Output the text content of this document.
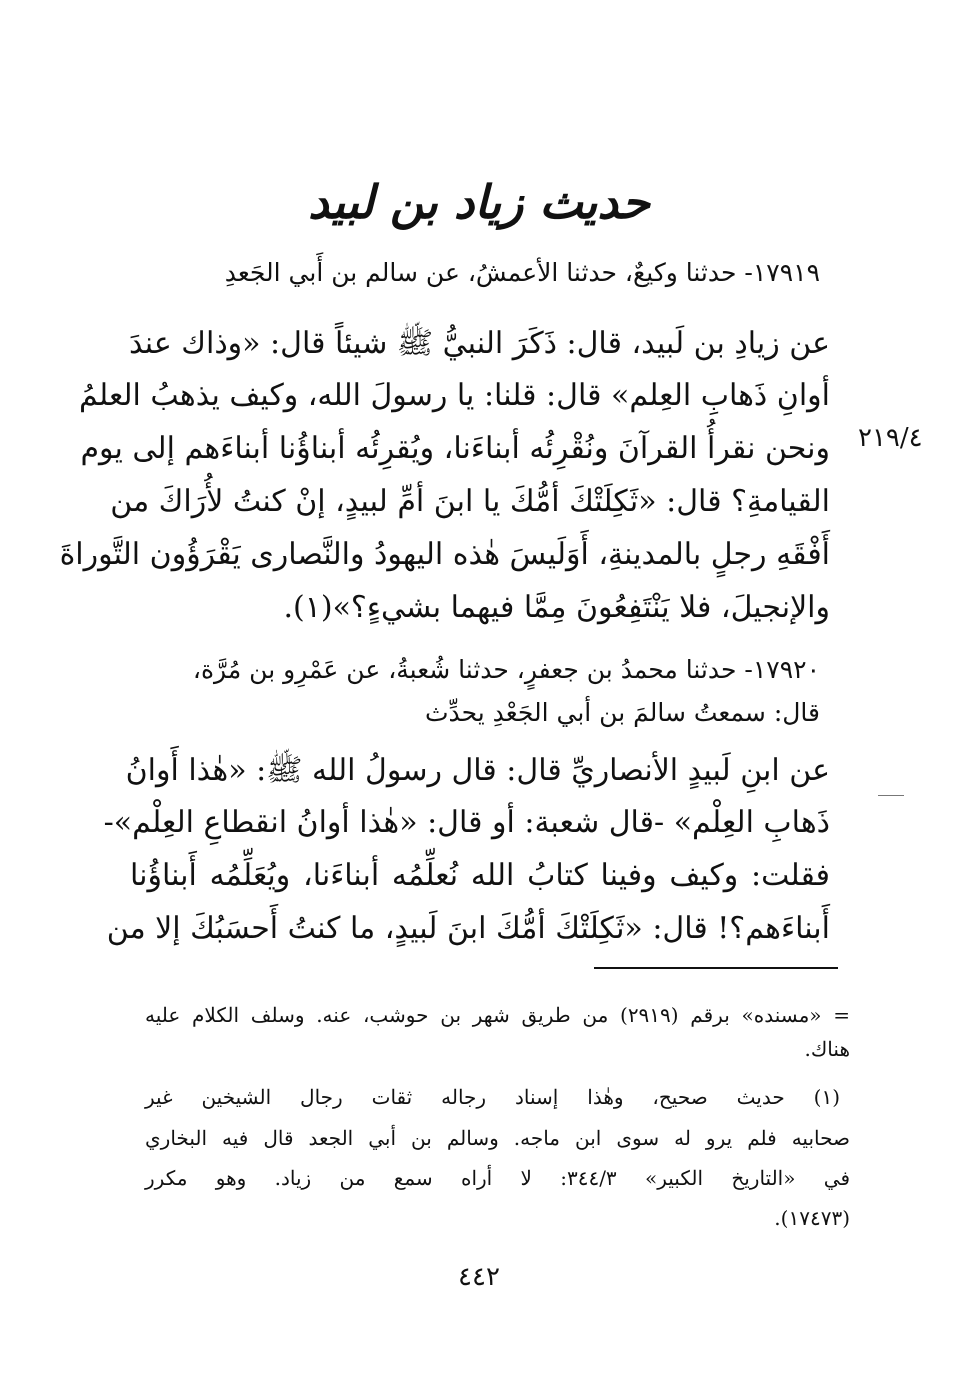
حديث زياد بن لبيد
١٧٩١٩- حدثنا وكيعٌ، حدثنا الأعمشُ، عن سالم بن أَبي الجَعدِ
عن زيادِ بن لَبيد، قال: ذَكَرَ النبيُّ ﷺ شيئاً قال: «وذاك عندَ
أوانِ ذَهابِ العِلم» قال: قلنا: يا رسولَ الله، وكيف يذهبُ العلمُ
ونحن نقرأُ القرآنَ ونُقْرِئُه أبناءَنا، ويُقرِئُه أبناؤُنا أبناءَهم إلى يوم
القيامةِ؟ قال: «ثَكِلَتْكَ أمُّكَ يا ابنَ أمِّ لبيدٍ، إنْ كنتُ لأُرَاكَ من
أَفْقَهِ رجلٍ بالمدينةِ، أَوَلَيسَ هٰذه اليهودُ والنَّصارى يَقْرَؤُون التَّوراةَ
والإنجيلَ، فلا يَنْتَفِعُونَ مِمَّا فيهما بشيءٍ؟»(١).
٢١٩/٤
١٧٩٢٠- حدثنا محمدُ بن جعفرٍ، حدثنا شُعبةُ، عن عَمْرِو بن مُرَّة،
قال: سمعتُ سالمَ بن أبي الجَعْدِ يحدِّث
عن ابنِ لَبيدٍ الأنصاريِّ قال: قال رسولُ الله ﷺ: «هٰذا أَوانُ
ذَهابِ العِلْم» -قال شعبة: أو قال: «هٰذا أوانُ انقطاعِ العِلْم»-
فقلت: وكيف وفينا كتابُ الله نُعلِّمُه أبناءَنا، ويُعَلِّمُه أَبناؤُنا
أَبناءَهم؟! قال: «ثَكِلَتْكَ أمُّكَ ابنَ لَبيدٍ، ما كنتُ أَحسَبُكَ إلا من
= «مسنده» برقم (٢٩١٩) من طريق شهر بن حوشب، عنه. وسلف الكلام عليه
هناك.
(١) حديث صحيح، وهٰذا إسناد رجاله ثقات رجال الشيخين غير
صحابيه فلم يرو له سوى ابن ماجه. وسالم بن أبي الجعد قال فيه البخاري
في «التاريخ الكبير» ٣٤٤/٣: لا أراه سمع من زياد. وهو مكرر
(١٧٤٧٣).
٤٤٢
